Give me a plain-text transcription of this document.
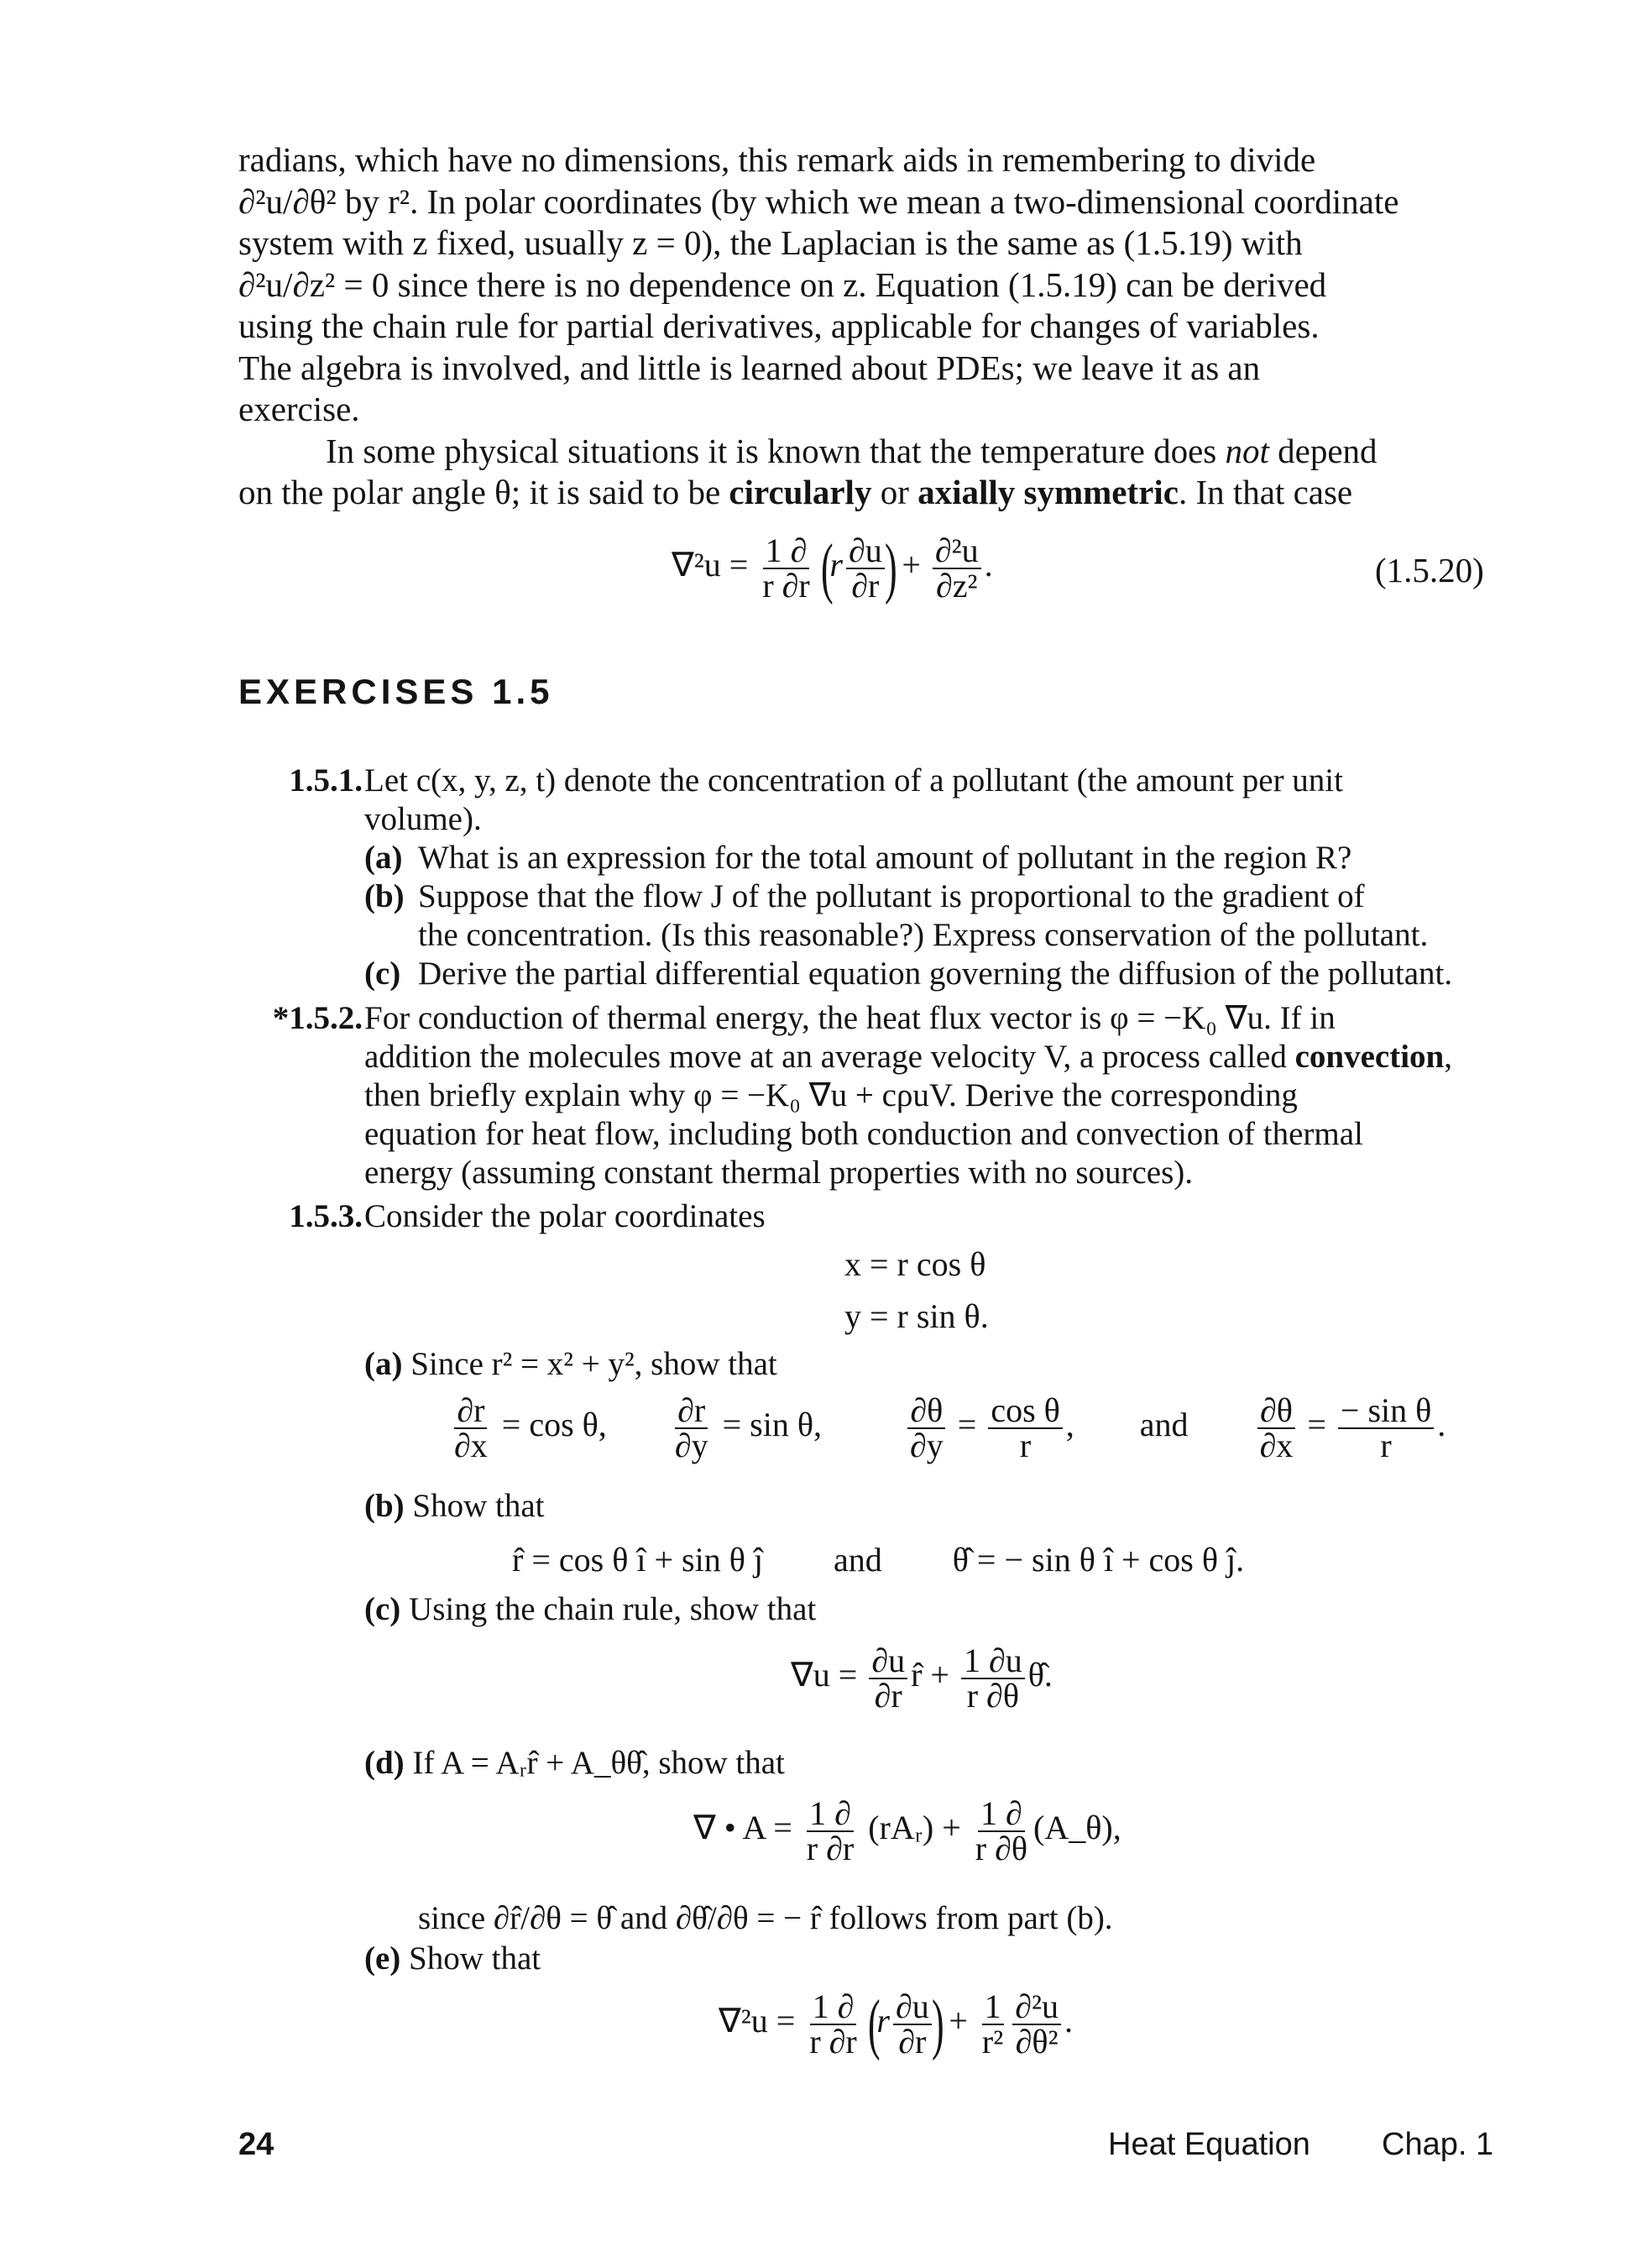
radians, which have no dimensions, this remark aids in remembering to divide
∂²u/∂θ² by r². In polar coordinates (by which we mean a two-dimensional coordinate
system with z fixed, usually z = 0), the Laplacian is the same as (1.5.19) with
∂²u/∂z² = 0 since there is no dependence on z. Equation (1.5.19) can be derived
using the chain rule for partial derivatives, applicable for changes of variables.
The algebra is involved, and little is learned about PDEs; we leave it as an
exercise.
In some physical situations it is known that the temperature does not depend
on the polar angle θ; it is said to be circularly or axially symmetric. In that case
$\nabla^2u = \frac{1 \partial}{r \partial r} (r \frac{\partial u}{\partial r}$ ) + $\frac{\text{∂²u}}{\text{∂z²}}$ .	(1.5.20)
EXERCISES 1.5
1.5.1. Let c(x, y, z, t) denote the concentration of a pollutant (the amount per unit
volume).
(a) What is an expression for the total amount of pollutant in the region R?
(b) Suppose that the flow J of the pollutant is proportional to the gradient of
the concentration. (Is this reasonable?) Express conservation of the pollutant.
(c) Derive the partial differential equation governing the diffusion of the pollutant.
*1.5.2. For conduction of thermal energy, the heat flux vector is φ = −K₀ ∇u. If in
addition the molecules move at an average velocity V, a process called convection,
then briefly explain why φ = −K₀ ∇u + cρuV. Derive the corresponding
equation for heat flow, including both conduction and convection of thermal
energy (assuming constant thermal properties with no sources).
1.5.3. Consider the polar coordinates
x = r cos θ
y = r sin θ.
(a) Since r² = x² + y², show that
$\frac{\partial r}{\partial x} = \cos \theta$, $\frac{\partial r}{\partial y} = \sin \theta$,	$\frac{\partial\theta}{\partial y} = \frac{\text{cos θ}}{r}$ , and $\frac{\partial\theta}{\partial x} = \frac{\text{− sin θ}}{r}$ .
(b) Show that
r̂ = cos θ î + sin θ ĵ and θ̂ = − sin θ î + cos θ ĵ.
(c) Using the chain rule, show that
$\nabla u = \frac{\partial u}{\partial r}$ r̂ + $\frac{1 \partial u}{r \partial\theta}$ θ̂.
(d) If A = Aᵣr̂ + A_θθ̂, show that
∇ • $A = \frac{1 \partial}{r \partial r}$ (rAᵣ) + $\frac{1 \partial}{r \partial\theta}$ (A_θ),
since ∂r̂/∂θ = θ̂ and ∂θ̂/∂θ = − r̂ follows from part (b).
(e) Show that
$\nabla^2u = \frac{1 \partial}{r \partial r} (r \frac{\partial u}{\partial r}$ ) + $\frac{1}{\text{r²}} \frac{\text{∂²u}}{\text{∂θ²}}$ .
24	Heat Equation Chap. 1
